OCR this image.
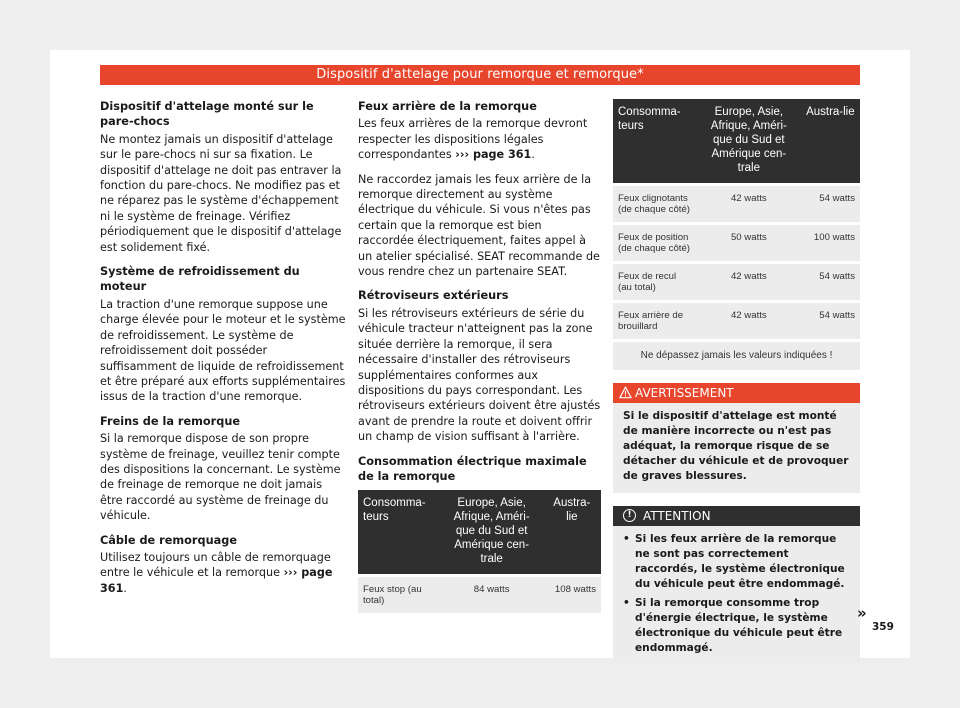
Dispositif d'attelage pour remorque et remorque*
Dispositif d'attelage monté sur le pare-chocs

Ne montez jamais un dispositif d'attelage sur le pare-chocs ni sur sa fixation. Le dispositif d'attelage ne doit pas entraver la fonction du pare-chocs. Ne modifiez pas et ne réparez pas le système d'échappement ni le système de freinage. Vérifiez périodiquement que le dispositif d'attelage est solidement fixé.

Système de refroidissement du moteur

La traction d'une remorque suppose une charge élevée pour le moteur et le système de refroidissement. Le système de refroidissement doit posséder suffisamment de liquide de refroidissement et être préparé aux efforts supplémentaires issus de la traction d'une remorque.

Freins de la remorque

Si la remorque dispose de son propre système de freinage, veuillez tenir compte des dispositions la concernant. Le système de freinage de remorque ne doit jamais être raccordé au système de freinage du véhicule.

Câble de remorquage

Utilisez toujours un câble de remorquage entre le véhicule et la remorque ››› page 361.

Feux arrière de la remorque

Les feux arrières de la remorque devront respecter les dispositions légales correspondantes ››› page 361.

Ne raccordez jamais les feux arrière de la remorque directement au système électrique du véhicule. Si vous n'êtes pas certain que la remorque est bien raccordée électriquement, faites appel à un atelier spécialisé. SEAT recommande de vous rendre chez un partenaire SEAT.

Rétroviseurs extérieurs

Si les rétroviseurs extérieurs de série du véhicule tracteur n'atteignent pas la zone située derrière la remorque, il sera nécessaire d'installer des rétroviseurs supplémentaires conformes aux dispositions du pays correspondant. Les rétroviseurs extérieurs doivent être ajustés avant de prendre la route et doivent offrir un champ de vision suffisant à l'arrière.

Consommation électrique maximale de la remorque
Consomma-teurs	Europe, Asie, Afrique, Améri-que du Sud et Amérique cen-trale	Austra-lie
Feux stop (au total)	84 watts	108 watts
Consomma-teurs	Europe, Asie, Afrique, Améri-que du Sud et Amérique cen-trale	Austra-lie
Feux clignotants (de chaque côté)	42 watts	54 watts
Feux de position (de chaque côté)	50 watts	100 watts
Feux de recul (au total)	42 watts	54 watts
Feux arrière de brouillard	42 watts	54 watts
Ne dépassez jamais les valeurs indiquées !		
AVERTISSEMENT
Si le dispositif d'attelage est monté de manière incorrecte ou n'est pas adéquat, la remorque risque de se détacher du véhicule et de provoquer de graves blessures.
! ATTENTION
• Si les feux arrière de la remorque ne sont pas correctement raccordés, le système électronique du véhicule peut être endommagé.
• Si la remorque consomme trop d'énergie électrique, le système électronique du véhicule peut être endommagé.
»
359
